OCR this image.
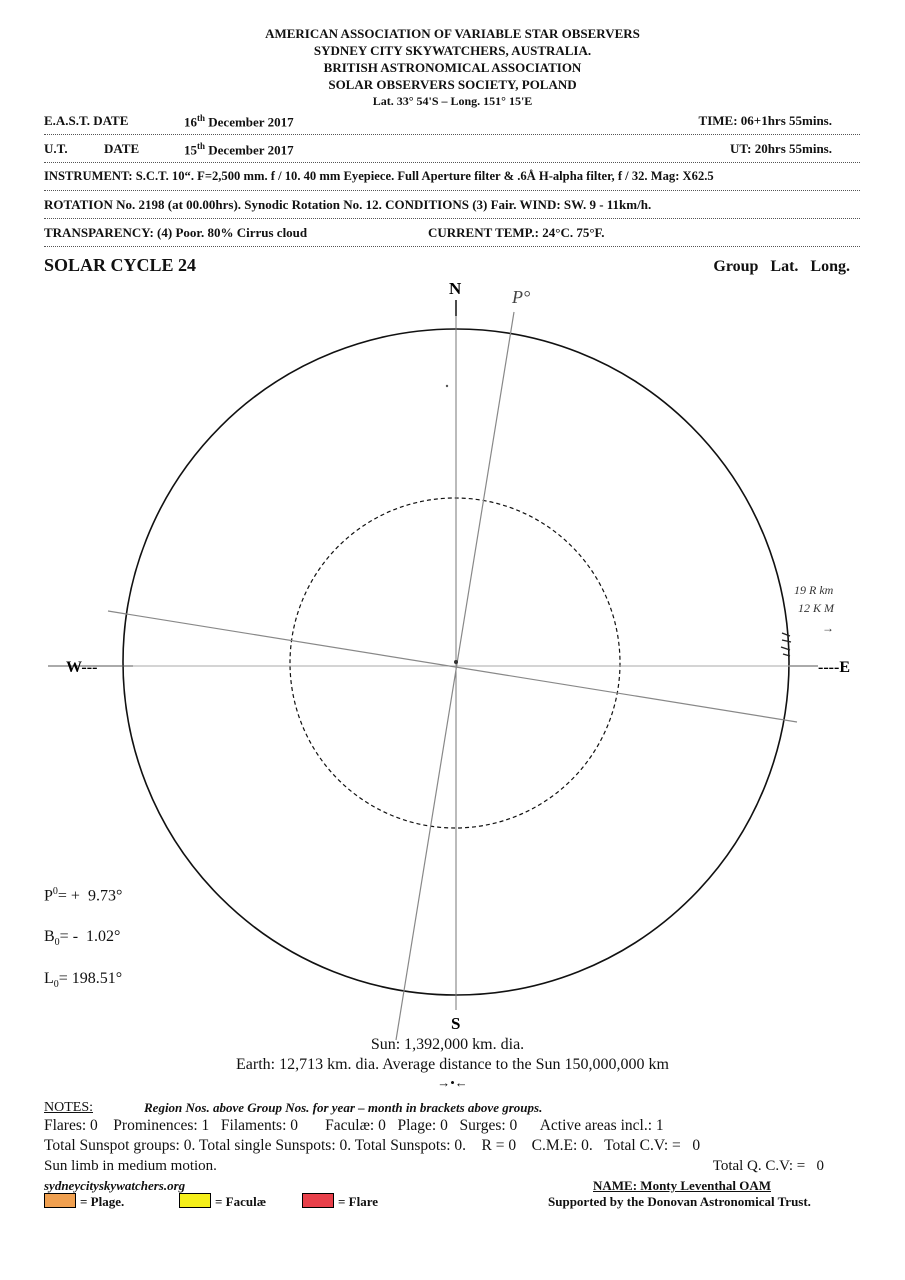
AMERICAN ASSOCIATION OF VARIABLE STAR OBSERVERS
SYDNEY CITY SKYWATCHERS, AUSTRALIA.
BRITISH ASTRONOMICAL ASSOCIATION
SOLAR OBSERVERS SOCIETY, POLAND
Lat. 33° 54'S – Long. 151° 15'E
E.A.S.T. DATE	16th December 2017	TIME: 06+1hrs 55mins.
U.T.	DATE	15th December 2017	UT: 20hrs 55mins.
INSTRUMENT: S.C.T. 10“. F=2,500 mm. f / 10. 40 mm Eyepiece. Full Aperture filter & .6Å H-alpha filter, f / 32. Mag: X62.5
ROTATION No. 2198 (at 00.00hrs). Synodic Rotation No. 12. CONDITIONS (3) Fair. WIND: SW. 9 - 11km/h.
TRANSPARENCY: (4) Poor. 80% Cirrus cloud	CURRENT TEMP.: 24°C. 75°F.
SOLAR CYCLE 24	Group   Lat.   Long.
N
S
W---	----E
P°
19 R km
12 K M
→
$P^0= + 9.73^\circ$
$B_0= - 1.02^\circ$
$L_0= 198.51^\circ$
Sun: 1,392,000 km. dia.
Earth: 12,713 km. dia. Average distance to the Sun 150,000,000 km
→•←
NOTES:	Region Nos. above Group Nos. for year – month in brackets above groups.
Flares: 0    Prominences: 1   Filaments: 0       Faculæ: 0   Plage: 0   Surges: 0      Active areas incl.: 1
Total Sunspot groups: 0. Total single Sunspots: 0. Total Sunspots: 0.    R = 0    C.M.E: 0.   Total C.V: =   0
Sun limb in medium motion.	Total Q. C.V: =   0
sydneycityskywatchers.org	NAME: Monty Leventhal OAM
= Plage.	= Faculæ	= Flare	Supported by the Donovan Astronomical Trust.
